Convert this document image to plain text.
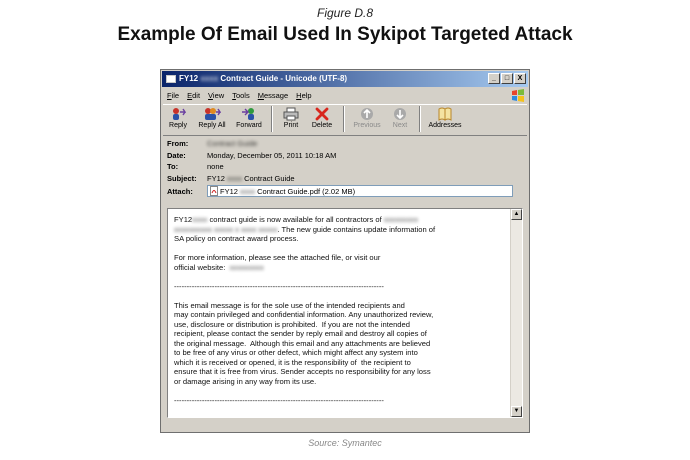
Figure D.8
Example Of Email Used In Sykipot Targeted Attack
FY12 xxxx Contract Guide - Unicode (UTF-8)	_	□	X
File	Edit	View	Tools	Message	Help
Reply Reply All Forward	Print Delete	Previous Next	Addresses
From:	Contract Guide
Date:	Monday, December 05, 2011 10:18 AM
To:	none
Subject:	FY12 xxxx Contract Guide
Attach:	FY12 xxxx Contract Guide.pdf (2.02 MB)
FY12xxxx contract guide is now available for all contractors of xxxxxxxxx
xxxxxxxxxx xxxxx x xxxx xxxxx. The new guide contains update information of
SA policy on contract award process.

For more information, please see the attached file, or visit our
official website: xxxxxxxxx

-----------------------------------------------------------------------------------

This email message is for the sole use of the intended recipients and
may contain privileged and confidential information. Any unauthorized review,
use, disclosure or distribution is prohibited.  If you are not the intended
recipient, please contact the sender by reply email and destroy all copies of
the original message.  Although this email and any attachments are believed
to be free of any virus or other defect, which might affect any system into
which it is received or opened, it is the responsibility of  the recipient to
ensure that it is free from virus. Sender accepts no responsibility for any loss
or damage arising in any way from its use.

-----------------------------------------------------------------------------------
▲
▼
Source: Symantec
